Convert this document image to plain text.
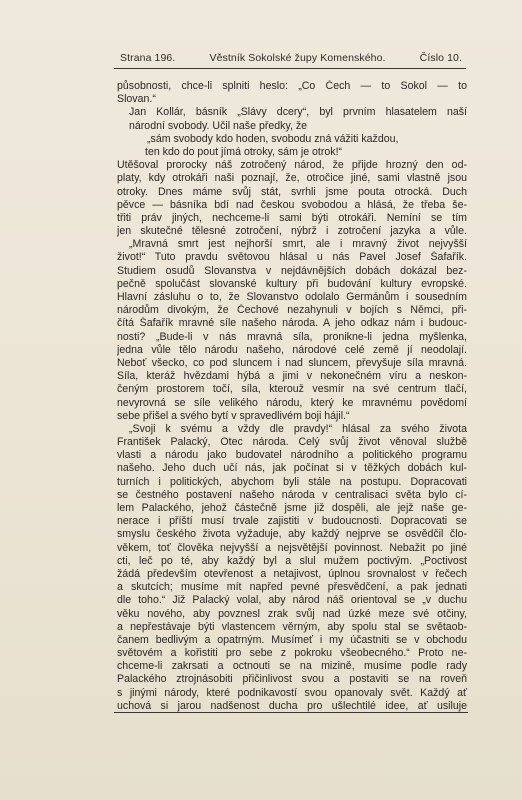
Strana 196.	Věstník Sokolské župy Komenského.	Číslo 10.
působnosti, chce-li splniti heslo: „Co Čech — to Sokol — to
Slovan.“
Jan Kollár, básník „Slávy dcery“, byl prvním hlasatelem naší
národní svobody. Učil naše předky, že
„sám svobody kdo hoden, svobodu zná vážiti každou,
ten kdo do pout jímá otroky, sám je otrok!“
Utěšoval prorocky náš zotročený národ, že přijde hrozný den od-
platy, kdy otrokáři naši poznají, že, otročice jiné, sami vlastně jsou
otroky. Dnes máme svůj stát, svrhli jsme pouta otrocká. Duch
pěvce — básníka bdí nad českou svobodou a hlásá, že třeba še-
třiti práv jiných, nechceme-li sami býti otrokáři. Nemíní se tím
jen skutečné tělesné zotročení, nýbrž i zotročení jazyka a vůle.
„Mravná smrt jest nejhorší smrt, ale i mravný život nejvyšší
život!“ Tuto pravdu světovou hlásal u nás Pavel Josef Šafařík.
Studiem osudů Slovanstva v nejdávnějších dobách dokázal bez-
pečně spolučást slovanské kultury při budování kultury evropské.
Hlavní zásluhu o to, že Slovanstvo odolalo Germánům i sousedním
národům divokým, že Čechové nezahynuli v bojích s Němci, při-
čítá Šafařík mravné síle našeho národa. A jeho odkaz nám i budouc-
nosti? „Bude-li v nás mravná síla, pronikne-li jedna myšlenka,
jedna vůle tělo národu našeho, národové celé země jí neodolají.
Neboť všecko, co pod sluncem i nad sluncem, převyšuje síla mravná.
Síla, kteráž hvězdami hýbá a jimi v nekonečném víru a neskon-
čeným prostorem točí, síla, kterouž vesmír na své centrum tlačí,
nevyrovná se síle velikého národu, který ke mravnému povědomí
sebe přišel a svého bytí v spravedlivém boji hájil.“
„Svoji k svému a vždy dle pravdy!“ hlásal za svého života
František Palacký, Otec národa. Celý svůj život věnoval službě
vlasti a národu jako budovatel národního a politického programu
našeho. Jeho duch učí nás, jak počínat si v těžkých dobách kul-
turních i politických, abychom byli stále na postupu. Dopracovati
se čestného postavení našeho národa v centralisaci světa bylo cí-
lem Palackého, jehož částečně jsme již dospěli, ale jejž naše ge-
nerace i příští musí trvale zajistiti v budoucnosti. Dopracovati se
smyslu českého života vyžaduje, aby každý nejprve se osvědčil člo-
věkem, toť člověka nejvyšší a nejsvětější povinnost. Nebažit po jiné
cti, leč po té, aby každý byl a slul mužem poctivým. „Poctivost
žádá především otevřenost a netajivost, úplnou srovnalost v řečech
a skutcích; musíme mít napřed pevné přesvědčení, a pak jednati
dle toho.“ Již Palacký volal, aby národ náš orientoval se „v duchu
věku nového, aby povznesl zrak svůj nad úzké meze své otčiny,
a nepřestávaje býti vlastencem věrným, aby spolu stal se světaob-
čanem bedlivým a opatrným. Musímeť i my účastniti se v obchodu
světovém a kořistiti pro sebe z pokroku všeobecného.“ Proto ne-
chceme-li zakrsati a octnouti se na mizině, musíme podle rady
Palackého ztrojnásobiti přičinlivost svou a postaviti se na roveň
s jinými národy, které podnikavostí svou opanovaly svět. Každý ať
uchová si jarou nadšenost ducha pro ušlechtilé idee, ať usiluje
